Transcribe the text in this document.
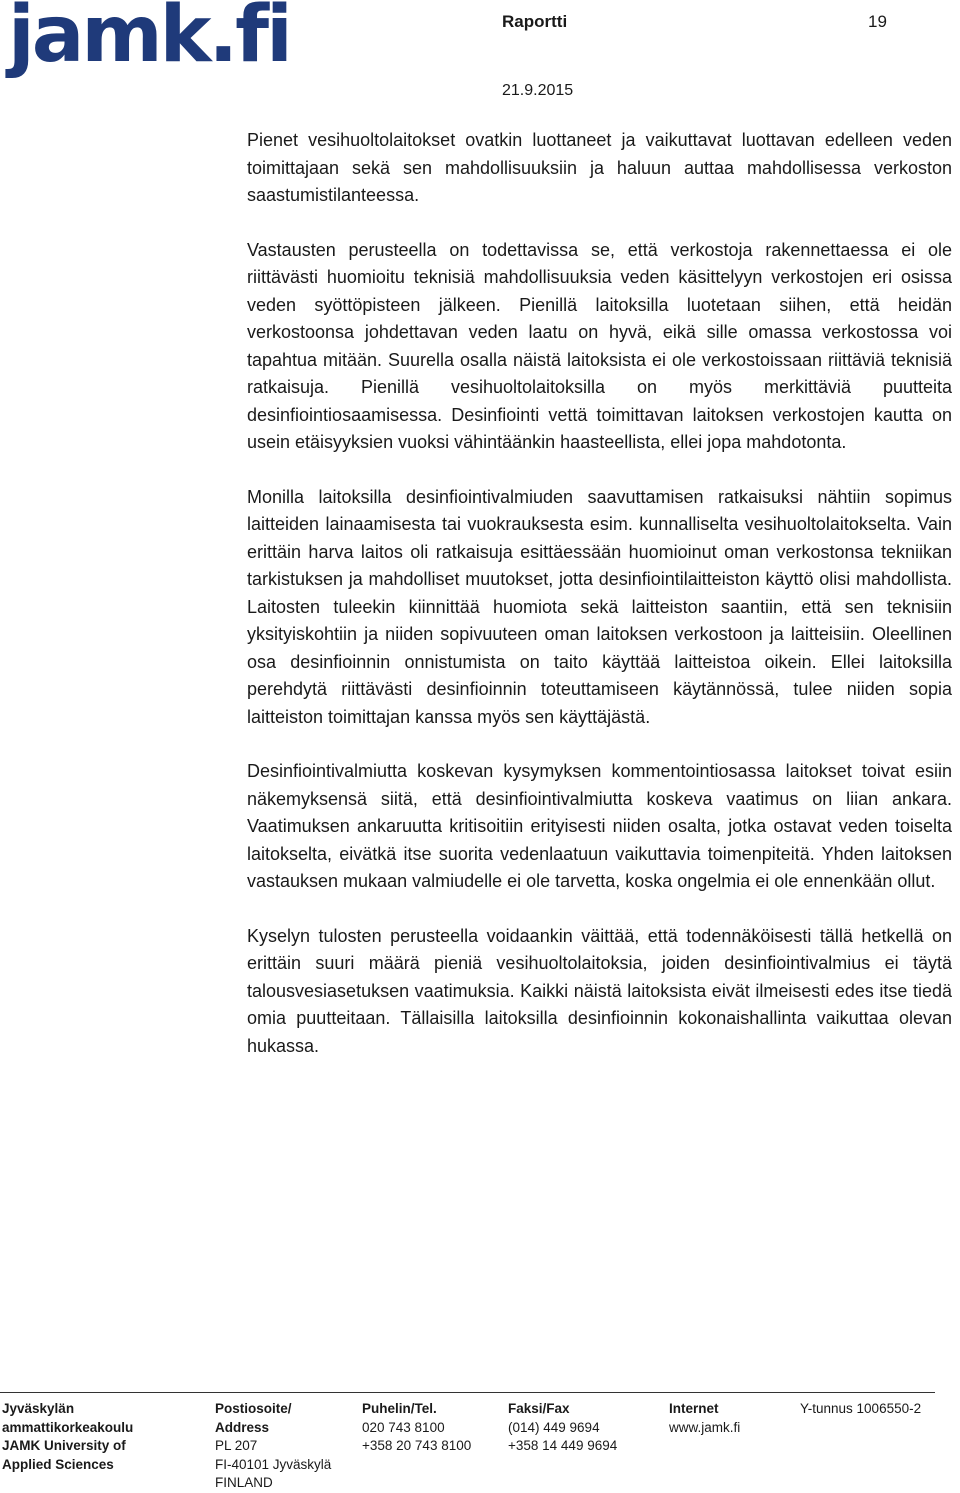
jamk.fi	Raportti	19
21.9.2015

Pienet vesihuoltolaitokset ovatkin luottaneet ja vaikuttavat luottavan edelleen veden toimittajaan sekä sen mahdollisuuksiin ja haluun auttaa mahdollisessa verkoston saastumistilanteessa.

Vastausten perusteella on todettavissa se, että verkostoja rakennettaessa ei ole riittävästi huomioitu teknisiä mahdollisuuksia veden käsittelyyn verkostojen eri osissa veden syöttöpisteen jälkeen. Pienillä laitoksilla luotetaan siihen, että heidän verkostoonsa johdettavan veden laatu on hyvä, eikä sille omassa verkostossa voi tapahtua mitään. Suurella osalla näistä laitoksista ei ole verkostoissaan riittäviä teknisiä ratkaisuja. Pienillä vesihuoltolaitoksilla on myös merkittäviä puutteita desinfiointiosaamisessa. Desinfiointi vettä toimittavan laitoksen verkostojen kautta on usein etäisyyksien vuoksi vähintäänkin haasteellista, ellei jopa mahdotonta.

Monilla laitoksilla desinfiointivalmiuden saavuttamisen ratkaisuksi nähtiin sopimus laitteiden lainaamisesta tai vuokrauksesta esim. kunnalliselta vesihuoltolaitokselta. Vain erittäin harva laitos oli ratkaisuja esittäessään huomioinut oman verkostonsa tekniikan tarkistuksen ja mahdolliset muutokset, jotta desinfiointilaitteiston käyttö olisi mahdollista. Laitosten tuleekin kiinnittää huomiota sekä laitteiston saantiin, että sen teknisiin yksityiskohtiin ja niiden sopivuuteen oman laitoksen verkostoon ja laitteisiin. Oleellinen osa desinfioinnin onnistumista on taito käyttää laitteistoa oikein. Ellei laitoksilla perehdytä riittävästi desinfioinnin toteuttamiseen käytännössä, tulee niiden sopia laitteiston toimittajan kanssa myös sen käyttäjästä.

Desinfiointivalmiutta koskevan kysymyksen kommentointiosassa laitokset toivat esiin näkemyksensä siitä, että desinfiointivalmiutta koskeva vaatimus on liian ankara. Vaatimuksen ankaruutta kritisoitiin erityisesti niiden osalta, jotka ostavat veden toiselta laitokselta, eivätkä itse suorita vedenlaatuun vaikuttavia toimenpiteitä. Yhden laitoksen vastauksen mukaan valmiudelle ei ole tarvetta, koska ongelmia ei ole ennenkään ollut.

Kyselyn tulosten perusteella voidaankin väittää, että todennäköisesti tällä hetkellä on erittäin suuri määrä pieniä vesihuoltolaitoksia, joiden desinfiointivalmius ei täytä talousvesiasetuksen vaatimuksia. Kaikki näistä laitoksista eivät ilmeisesti edes itse tiedä omia puutteitaan. Tällaisilla laitoksilla desinfioinnin kokonaishallinta vaikuttaa olevan hukassa.

Jyväskylän
ammattikorkeakoulu
JAMK University of
Applied Sciences
Postiosoite/
Address
PL 207
FI-40101 Jyväskylä
FINLAND
Puhelin/Tel.
020 743 8100
+358 20 743 8100
Faksi/Fax
(014) 449 9694
+358 14 449 9694
Internet
www.jamk.fi
Y-tunnus 1006550-2
